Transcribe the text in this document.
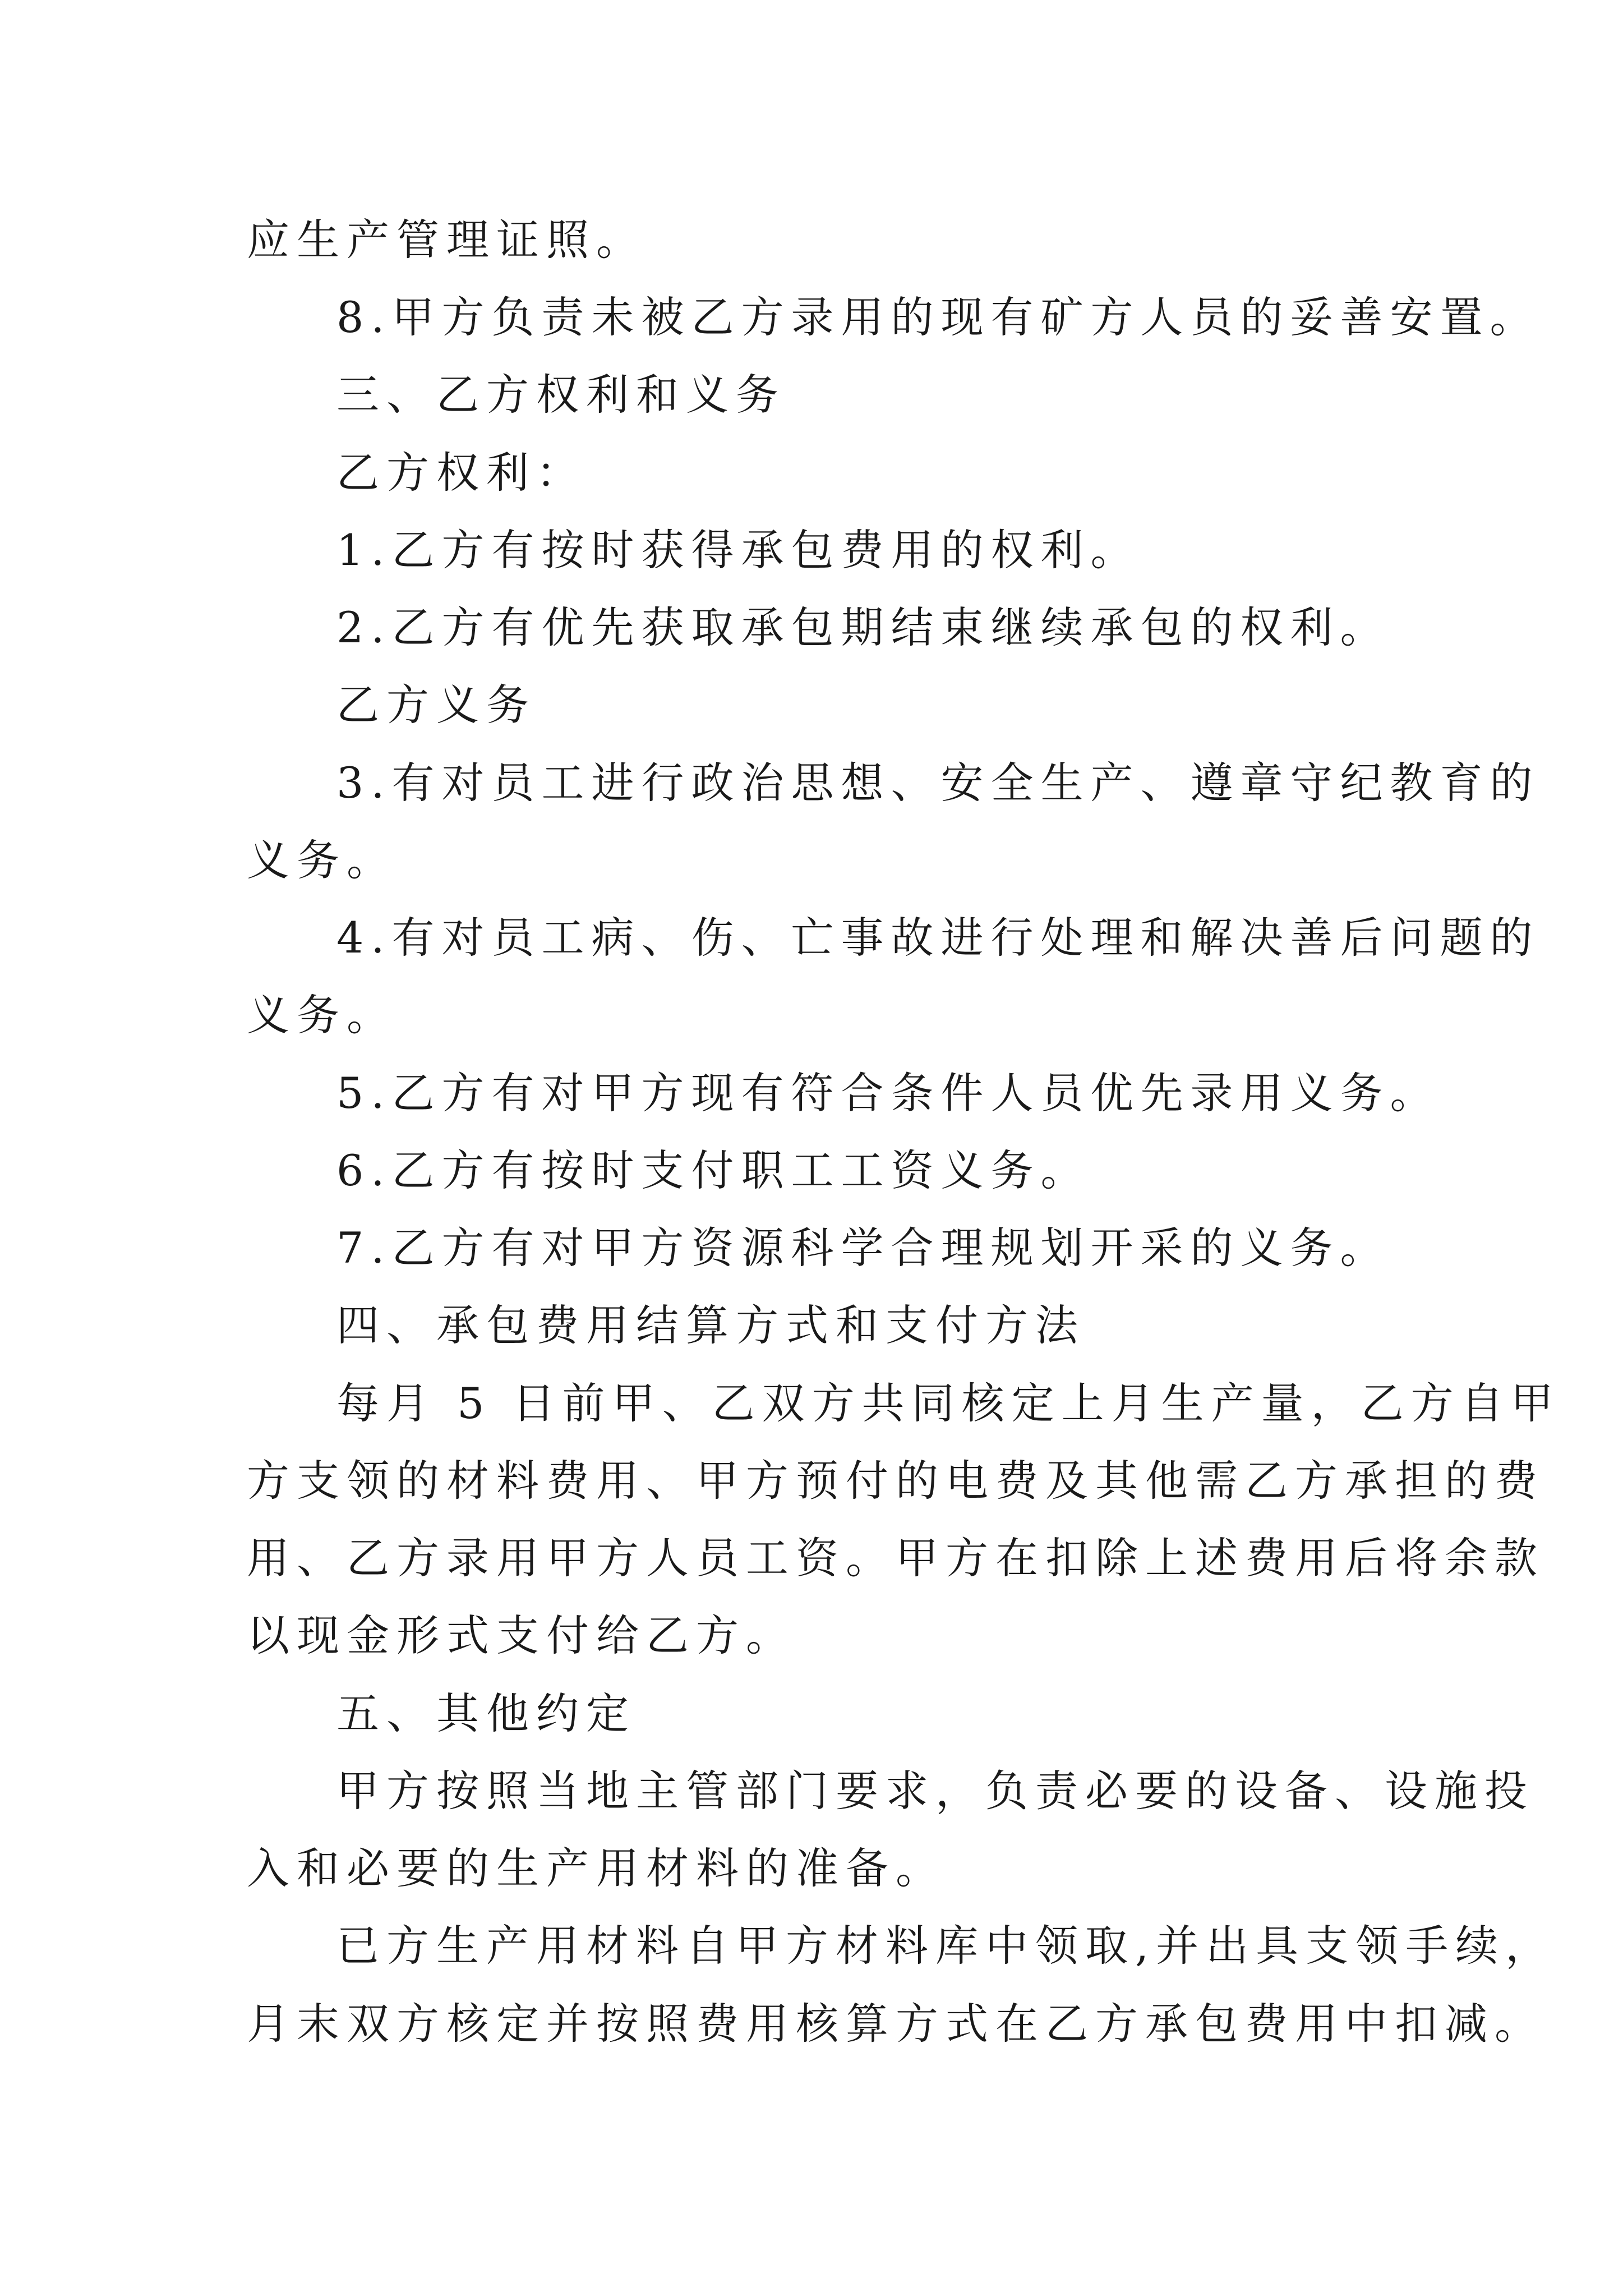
应生产管理证照。
8.甲方负责未被乙方录用的现有矿方人员的妥善安置。
三、乙方权利和义务
乙方权利：
1.乙方有按时获得承包费用的权利。
2.乙方有优先获取承包期结束继续承包的权利。
乙方义务
3.有对员工进行政治思想、安全生产、遵章守纪教育的
义务。
4.有对员工病、伤、亡事故进行处理和解决善后问题的
义务。
5.乙方有对甲方现有符合条件人员优先录用义务。
6.乙方有按时支付职工工资义务。
7.乙方有对甲方资源科学合理规划开采的义务。
四、承包费用结算方式和支付方法
每月 5 日前甲、乙双方共同核定上月生产量，乙方自甲
方支领的材料费用、甲方预付的电费及其他需乙方承担的费
用、乙方录用甲方人员工资。甲方在扣除上述费用后将余款
以现金形式支付给乙方。
五、其他约定
甲方按照当地主管部门要求，负责必要的设备、设施投
入和必要的生产用材料的准备。
已方生产用材料自甲方材料库中领取,并出具支领手续，
月末双方核定并按照费用核算方式在乙方承包费用中扣减。
